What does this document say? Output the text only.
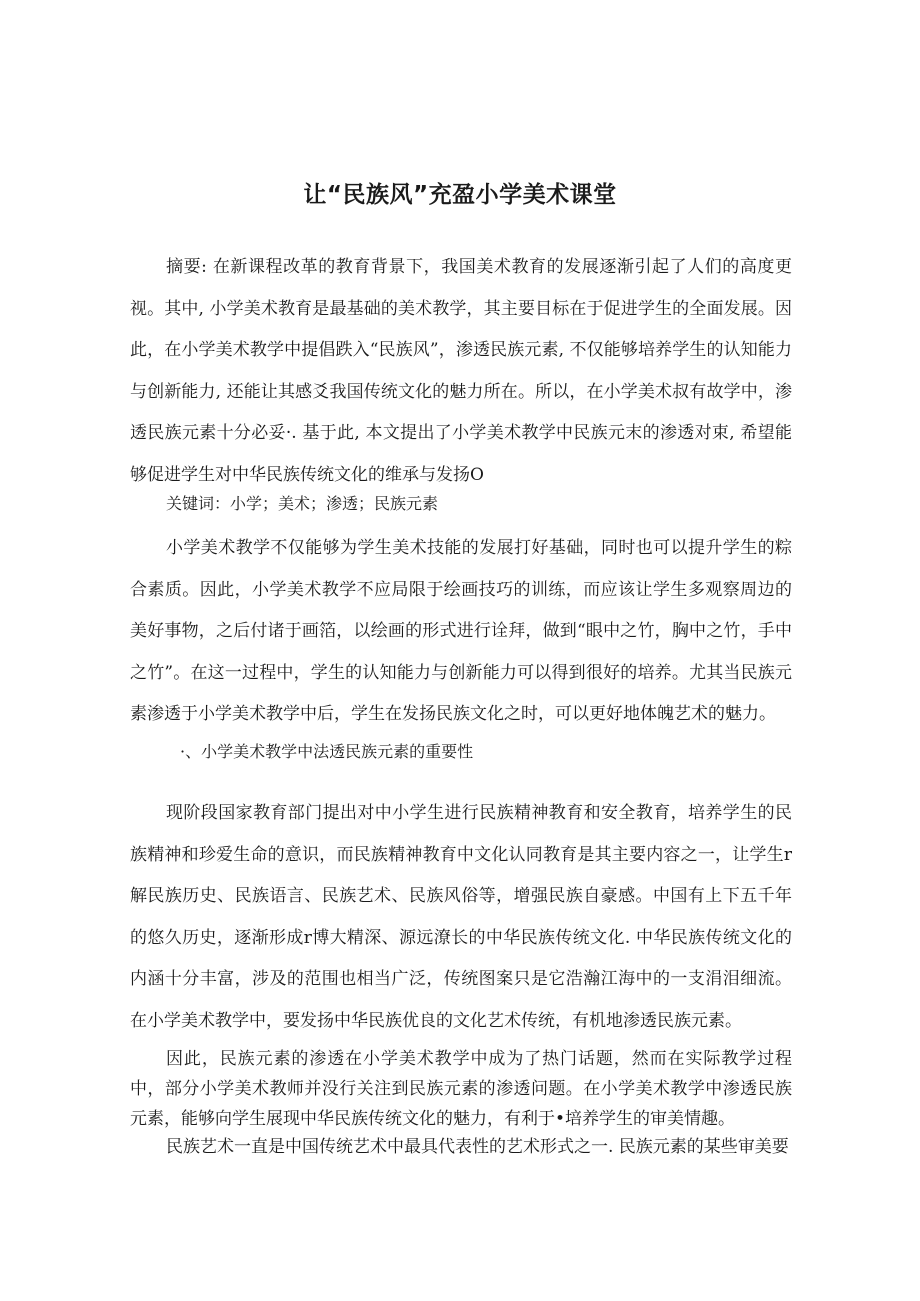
让“民族风”充盈小学美术课堂

摘要: 在新课程改革的教育背景下，我国美术教育的发展逐渐引起了人们的高度更视。其中, 小学美术教育是最基础的美术教学，其主要目标在于促进学生的全面发展。因此，在小学美术教学中提倡跌入“民族风”，渗透民族元素, 不仅能够培养学生的认知能力与创新能力, 还能让其感爻我国传统文化的魅力所在。所以，在小学美术叔有故学中，渗透民族元素十分必妥·. 基于此, 本文提出了小学美术教学中民族元末的渗透对束, 希望能够促进学生对中华民族传统文化的维承与发扬O

关键词：小学；美术；渗透；民族元素

小学美术教学不仅能够为学生美术技能的发展打好基础，同时也可以提升学生的粽合素质。因此，小学美术教学不应局限于绘画技巧的训练，而应该让学生多观察周边的美好事物，之后付诸于画箔，以绘画的形式进行诠拜，做到“眼中之竹，胸中之竹，手中之竹”。在这一过程中，学生的认知能力与创新能力可以得到很好的培养。尤其当民族元素渗透于小学美术教学中后，学生在发扬民族文化之时，可以更好地体魄艺术的魅力。

·、小学美术教学中法透民族元素的重要性

现阶段国家教育部门提出对中小学生进行民族精神教育和安全教育，培养学生的民族精神和珍爱生命的意识，而民族精神教育中文化认同教育是其主要内容之一，让学生r解民族历史、民族语言、民族艺术、民族风俗等，增强民族自豪感。中国有上下五千年的悠久历史，逐渐形成r博大精深、源远潦长的中华民族传统文化. 中华民族传统文化的内涵十分丰富，涉及的范围也相当广泛，传统图案只是它浩瀚江海中的一支涓泪细流。在小学美术教学中，要发扬中华民族优良的文化艺术传统，有机地渗透民族元素。

因此，民族元素的渗透在小学美术教学中成为了热门话题，然而在实际教学过程中，部分小学美术教师并没行关注到民族元素的渗透问题。在小学美术教学中渗透民族元素，能够向学生展现中华民族传统文化的魅力，有利于•培养学生的审美情趣。

民族艺术一直是中国传统艺术中最具代表性的艺术形式之一. 民族元素的某些审美要
